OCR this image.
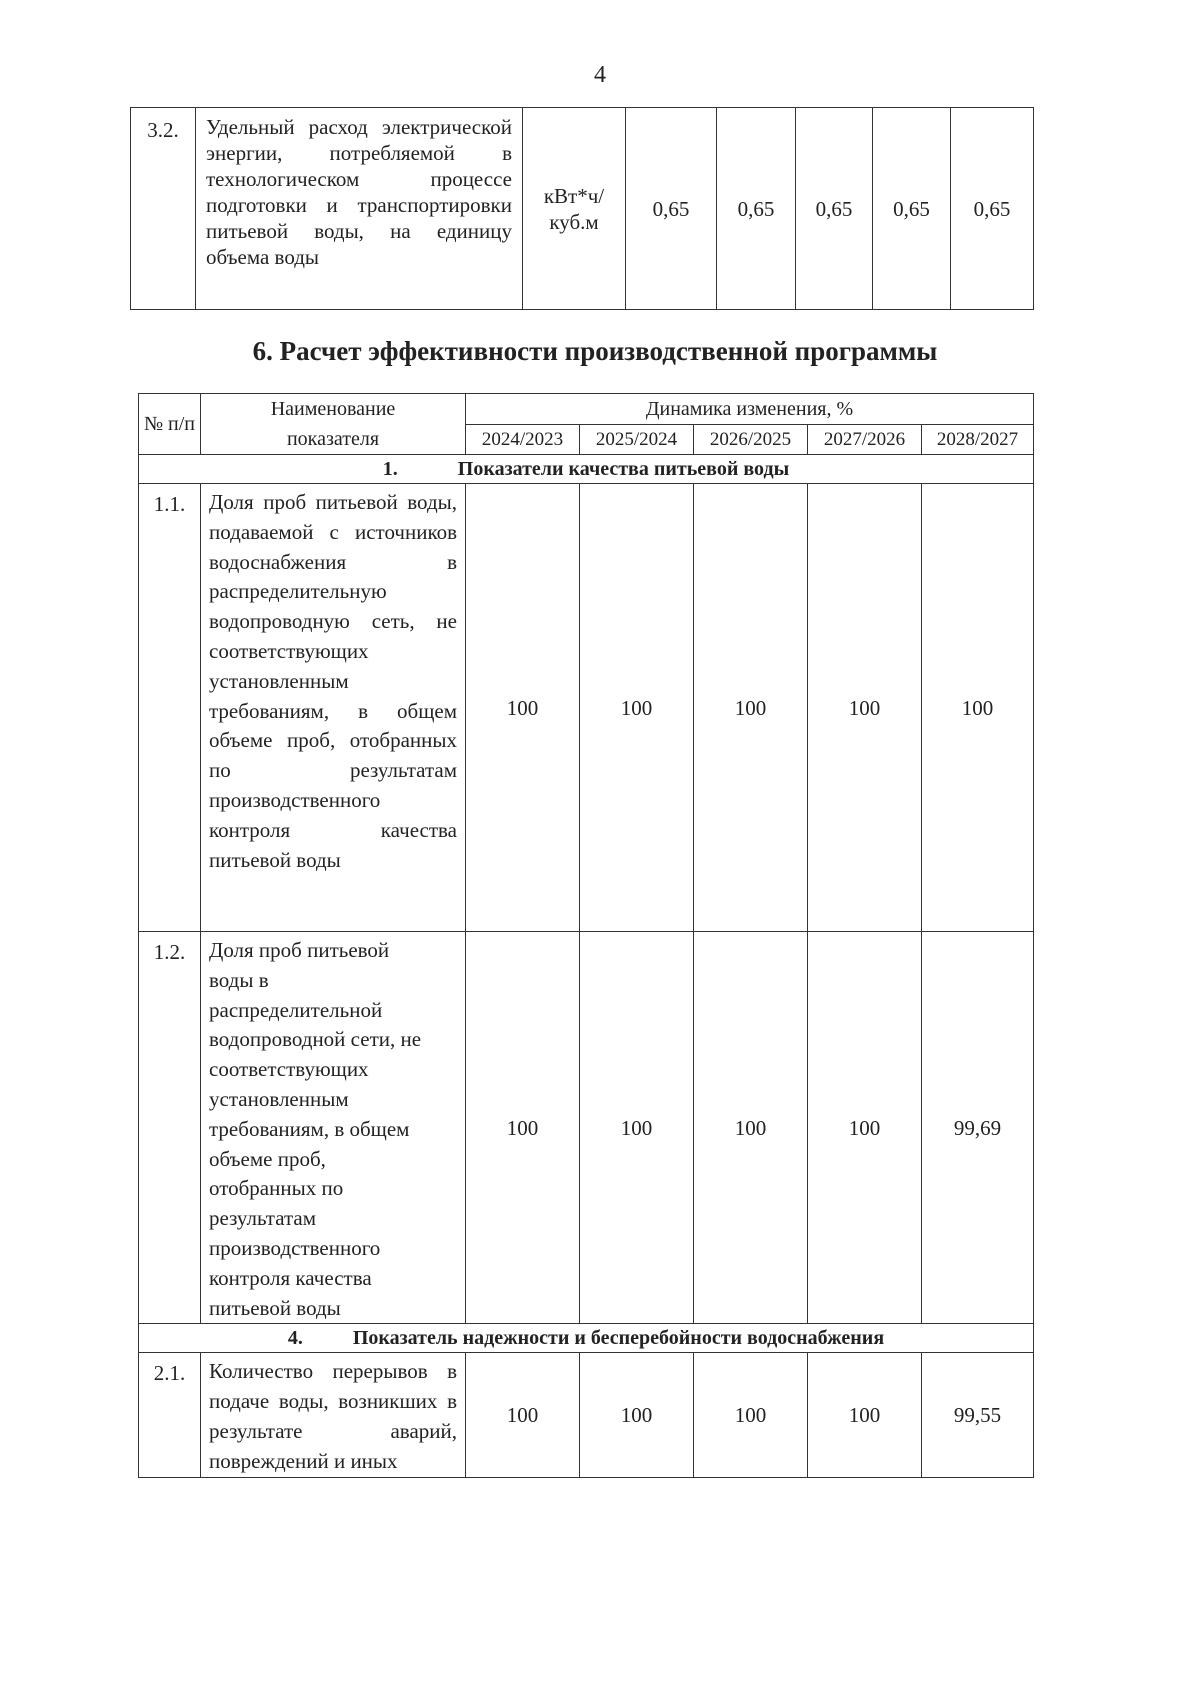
4
3.2.	Удельный расход электрической энергии, потребляемой в технологическом процессе подготовки и транспортировки питьевой воды, на единицу объема воды	кВт*ч/ куб.м	0,65	0,65	0,65	0,65	0,65
6. Расчет эффективности производственной программы
№ п/п	Наименование показателя	Динамика изменения, %				
		2024/2023	2025/2024	2026/2025	2027/2026	2028/2027
1. Показатели качества питьевой воды						
1.1.	Доля проб питьевой воды, подаваемой с источников водоснабжения в распределительную водопроводную сеть, не соответствующих установленным требованиям, в общем объеме проб, отобранных по результатам производственного контроля качества питьевой воды	100	100	100	100	100
1.2.	Доля проб питьевой воды в распределительной водопроводной сети, не соответствующих установленным требованиям, в общем объеме проб, отобранных по результатам производственного контроля качества питьевой воды	100	100	100	100	99,69
4. Показатель надежности и бесперебойности водоснабжения						
2.1.	Количество перерывов в подаче воды, возникших в результате аварий, повреждений и иных	100	100	100	100	99,55
